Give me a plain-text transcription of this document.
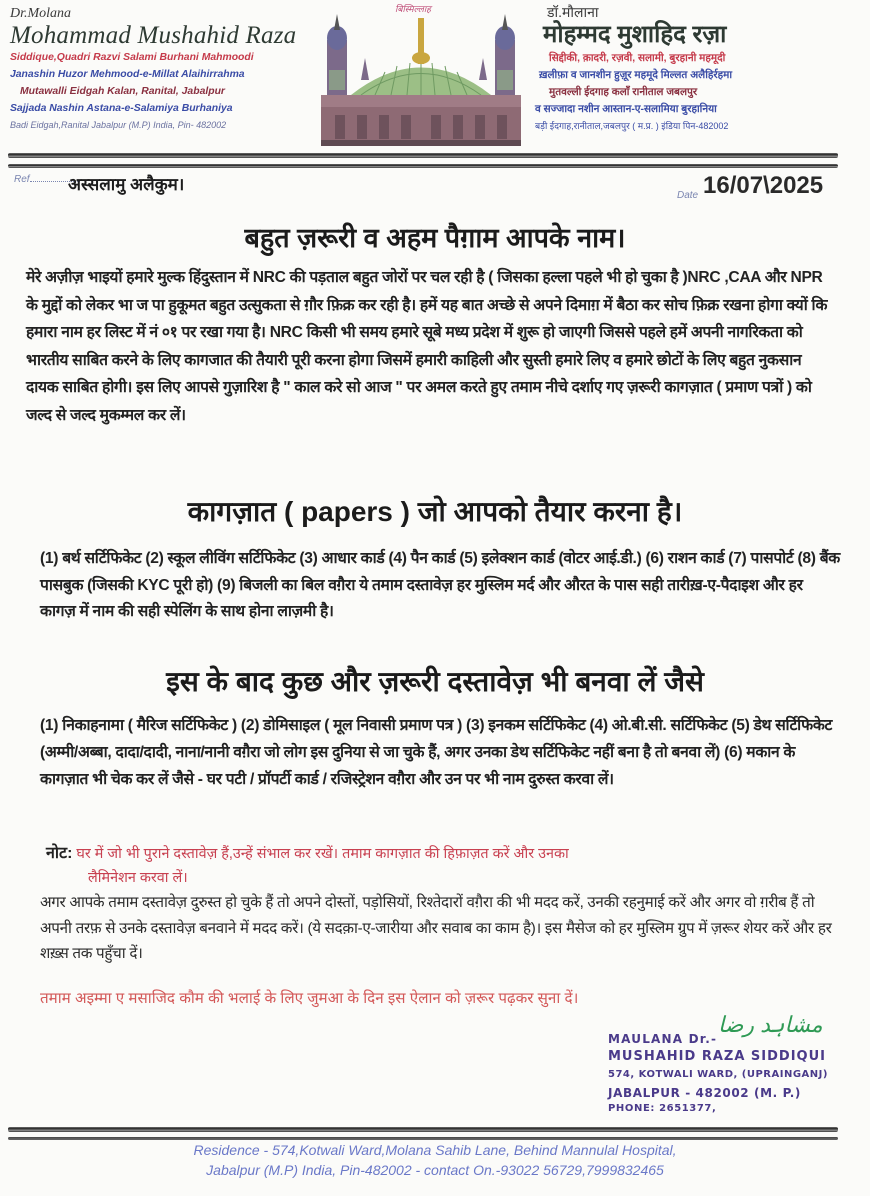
Dr.Molana
Mohammad Mushahid Raza
Siddique,Quadri Razvi Salami Burhani Mahmoodi
Janashin Huzor Mehmood-e-Millat Alaihirrahma
Mutawalli Eidgah Kalan, Ranital, Jabalpur
Sajjada Nashin Astana-e-Salamiya Burhaniya
Badi Eidgah,Ranital Jabalpur (M.P) India, Pin- 482002
बिस्मिल्लाह	डॉ.मौलाना
मोहम्मद मुशाहिद रज़ा
सिद्दीकी, क़ादरी, रज़वी, सलामी, बुरहानी महमूदी
ख़लीफ़ा व जानशीन हुज़ूर महमूदे मिल्लत अलैहिर्रहमा
मुतवल्ली ईदगाह कलाँ रानीताल जबलपुर
व सज्जादा नशीन आस्तान-ए-सलामिया बुरहानिया
बड़ी ईदगाह,रानीताल,जबलपुर ( म.प्र. ) इंडिया पिन-482002
Ref	अस्सलामु अलैकुम।
Date 16/07\2025
बहुत ज़रूरी व अहम पैग़ाम आपके नाम।
मेरे अज़ीज़ भाइयों हमारे मुल्क हिंदुस्तान में NRC की पड़ताल बहुत जोरों पर चल रही है ( जिसका हल्ला पहले भी हो चुका है )NRC ,CAA और NPR के मुद्दों को लेकर भा ज पा हुकूमत बहुत उत्सुकता से ग़ौर फ़िक्र कर रही है। हमें यह बात अच्छे से अपने दिमाग़ में बैठा कर सोच फ़िक्र रखना होगा क्यों कि हमारा नाम हर लिस्ट में नं ०१ पर रखा गया है। NRC किसी भी समय हमारे सूबे मध्य प्रदेश में शुरू हो जाएगी जिससे पहले हमें अपनी नागरिकता को भारतीय साबित करने के लिए कागजात की तैयारी पूरी करना होगा जिसमें हमारी काहिली और सुस्ती हमारे लिए व हमारे छोटों के लिए बहुत नुकसान दायक साबित होगी। इस लिए आपसे गुज़ारिश है " काल करे सो आज " पर अमल करते हुए तमाम नीचे दर्शाए गए ज़रूरी कागज़ात ( प्रमाण पत्रों ) को जल्द से जल्द मुकम्मल कर लें।
कागज़ात ( papers ) जो आपको तैयार करना है।
(1) बर्थ सर्टिफिकेट (2) स्कूल लीविंग सर्टिफिकेट (3) आधार कार्ड (4) पैन कार्ड (5) इलेक्शन कार्ड (वोटर आई.डी.) (6) राशन कार्ड (7) पासपोर्ट (8) बैंक पासबुक (जिसकी KYC पूरी हो) (9) बिजली का बिल वग़ैरा ये तमाम दस्तावेज़ हर मुस्लिम मर्द और औरत के पास सही तारीख़-ए-पैदाइश और हर कागज़ में नाम की सही स्पेलिंग के साथ होना लाज़मी है।
इस के बाद कुछ और ज़रूरी दस्तावेज़ भी बनवा लें जैसे
(1) निकाहनामा ( मैरिज सर्टिफिकेट ) (2) डोमिसाइल ( मूल निवासी प्रमाण पत्र ) (3) इनकम सर्टिफिकेट (4) ओ.बी.सी. सर्टिफिकेट (5) डेथ सर्टिफिकेट (अम्मी/अब्बा, दादा/दादी, नाना/नानी वग़ैरा जो लोग इस दुनिया से जा चुके हैं, अगर उनका डेथ सर्टिफिकेट नहीं बना है तो बनवा लें) (6) मकान के कागज़ात भी चेक कर लें जैसे - घर पटी / प्रॉपर्टी कार्ड / रजिस्ट्रेशन वग़ैरा और उन पर भी नाम दुरुस्त करवा लें।
नोट: घर में जो भी पुराने दस्तावेज़ हैं,उन्हें संभाल कर रखें। तमाम कागज़ात की हिफ़ाज़त करें और उनका
लैमिनेशन करवा लें।
अगर आपके तमाम दस्तावेज़ दुरुस्त हो चुके हैं तो अपने दोस्तों, पड़ोसियों, रिश्तेदारों वग़ैरा की भी मदद करें, उनकी रहनुमाई करें और अगर वो ग़रीब हैं तो अपनी तरफ़ से उनके दस्तावेज़ बनवाने में मदद करें। (ये सदक़ा-ए-जारीया और सवाब का काम है)। इस मैसेज को हर मुस्लिम ग्रुप में ज़रूर शेयर करें और हर शख़्स तक पहुँचा दें।
तमाम अइम्मा ए मसाजिद कौम की भलाई के लिए जुमआ के दिन इस ऐलान को ज़रूर पढ़कर सुना दें।
مشاہد رضا
MAULANA Dr.-
MUSHAHID RAZA SIDDIQUI
574, KOTWALI WARD, (UPRAINGANJ)
JABALPUR - 482002 (M. P.)
PHONE: 2651377,
Residence - 574,Kotwali Ward,Molana Sahib Lane, Behind Mannulal Hospital,
Jabalpur (M.P) India, Pin-482002 - contact On.-93022 56729,7999832465
